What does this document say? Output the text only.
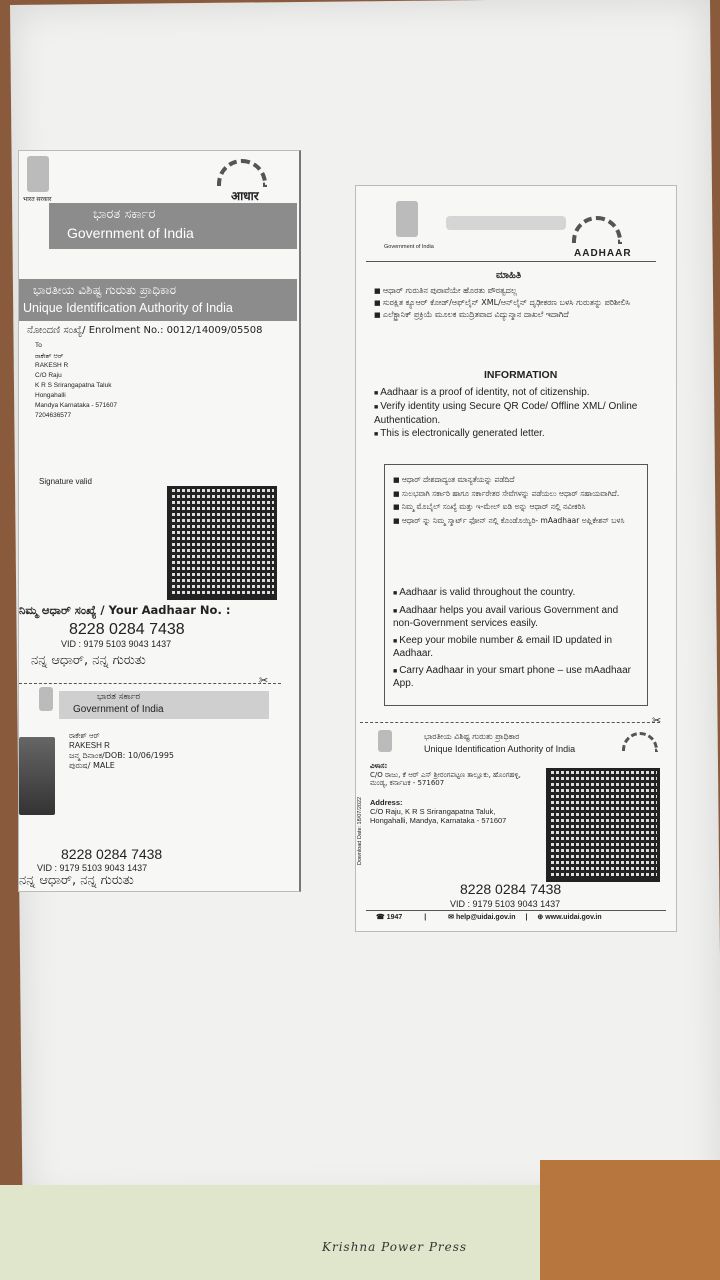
भारत सरकार	आधार
ಭಾರತ ಸರ್ಕಾರ
Government of India
ಭಾರತೀಯ ವಿಶಿಷ್ಟ ಗುರುತು ಪ್ರಾಧಿಕಾರ
Unique Identification Authority of India
ನೋಂದಣಿ ಸಂಖ್ಯೆ/ Enrolment No.: 0012/14009/05508
To
ರಾಕೇಶ್ ಆರ್
RAKESH R
C/O Raju
K R S Srirangapatna Taluk
Hongahalli
Mandya Karnataka - 571607
7204636577
Signature valid
ನಿಮ್ಮ ಆಧಾರ್ ಸಂಖ್ಯೆ / Your Aadhaar No. :
8228 0284 7438
VID : 9179 5103 9043 1437
ನನ್ನ ಆಧಾರ್, ನನ್ನ ಗುರುತು
✂
ಭಾರತ ಸರ್ಕಾರ
Government of India
ರಾಕೇಶ್ ಆರ್
RAKESH R
ಜನ್ಮ ದಿನಾಂಕ/DOB: 10/06/1995
ಪುರುಷ/ MALE
8228 0284 7438
VID : 9179 5103 9043 1437
ನನ್ನ ಆಧಾರ್, ನನ್ನ ಗುರುತು
Government of India
AADHAAR
ಮಾಹಿತಿ
■ ಆಧಾರ್ ಗುರುತಿನ ಪುರಾವೆಯೇ ಹೊರತು ಪೌರತ್ವದಲ್ಲ
■ ಸುರಕ್ಷಿತ ಕ್ಯೂಆರ್ ಕೋಡ್/ಆಫ್‌ಲೈನ್ XML/ಆನ್‌ಲೈನ್ ದೃಢೀಕರಣ ಬಳಸಿ ಗುರುತನ್ನು ಪರಿಶೀಲಿಸಿ
■ ಎಲೆಕ್ಟ್ರಾನಿಕ್ ಪ್ರಕ್ರಿಯೆ ಮೂಲಕ ಮುದ್ರಿತವಾದ ವಿದ್ಯುನ್ಮಾನ ದಾಖಲೆ ಇದಾಗಿದೆ
INFORMATION
■ Aadhaar is a proof of identity, not of citizenship.
■ Verify identity using Secure QR Code/ Offline XML/ Online Authentication.
■ This is electronically generated letter.
■ ಆಧಾರ್ ದೇಶದಾದ್ಯಂತ ಮಾನ್ಯತೆಯನ್ನು ಪಡೆದಿದೆ
■ ಸುಲಭವಾಗಿ ಸರ್ಕಾರಿ ಹಾಗೂ ಸರ್ಕಾರೇತರ ಸೇವೆಗಳನ್ನು ಪಡೆಯಲು ಆಧಾರ್ ಸಹಾಯವಾಗಿದೆ.
■ ನಿಮ್ಮ ಮೊಬೈಲ್ ಸಂಖ್ಯೆ ಮತ್ತು ಇ-ಮೇಲ್ ಐಡಿ ಅನ್ನು ಆಧಾರ್ ನಲ್ಲಿ ನವೀಕರಿಸಿ
■ ಆಧಾರ್ ನ್ನು ನಿಮ್ಮ ಸ್ಮಾರ್ಟ್ ಫೋನ್ ನಲ್ಲಿ ಕೊಂಡೊಯ್ಯಿರಿ- mAadhaar ಅಪ್ಲಿಕೇಶನ್ ಬಳಸಿ
■ Aadhaar is valid throughout the country.
■ Aadhaar helps you avail various Government and non-Government services easily.
■ Keep your mobile number & email ID updated in Aadhaar.
■ Carry Aadhaar in your smart phone – use mAadhaar App.
✂
ಭಾರತೀಯ ವಿಶಿಷ್ಟ ಗುರುತು ಪ್ರಾಧಿಕಾರ
Unique Identification Authority of India
Download Date: 18/07/2022
ವಿಳಾಸ:
C/O ರಾಜು, ಕೆ ಆರ್ ಎಸ್ ಶ್ರೀರಂಗಪಟ್ಟಣ ತಾಲ್ಲೂಕು, ಹೊಂಗಹಳ್ಳಿ, ಮಂಡ್ಯ, ಕರ್ನಾಟಕ - 571607
Address:
C/O Raju, K R S Srirangapatna Taluk, Hongahalli, Mandya, Karnataka - 571607
8228 0284 7438
VID : 9179 5103 9043 1437
☎ 1947	|	✉ help@uidai.gov.in | ⊕ www.uidai.gov.in
Krishna Power Press
